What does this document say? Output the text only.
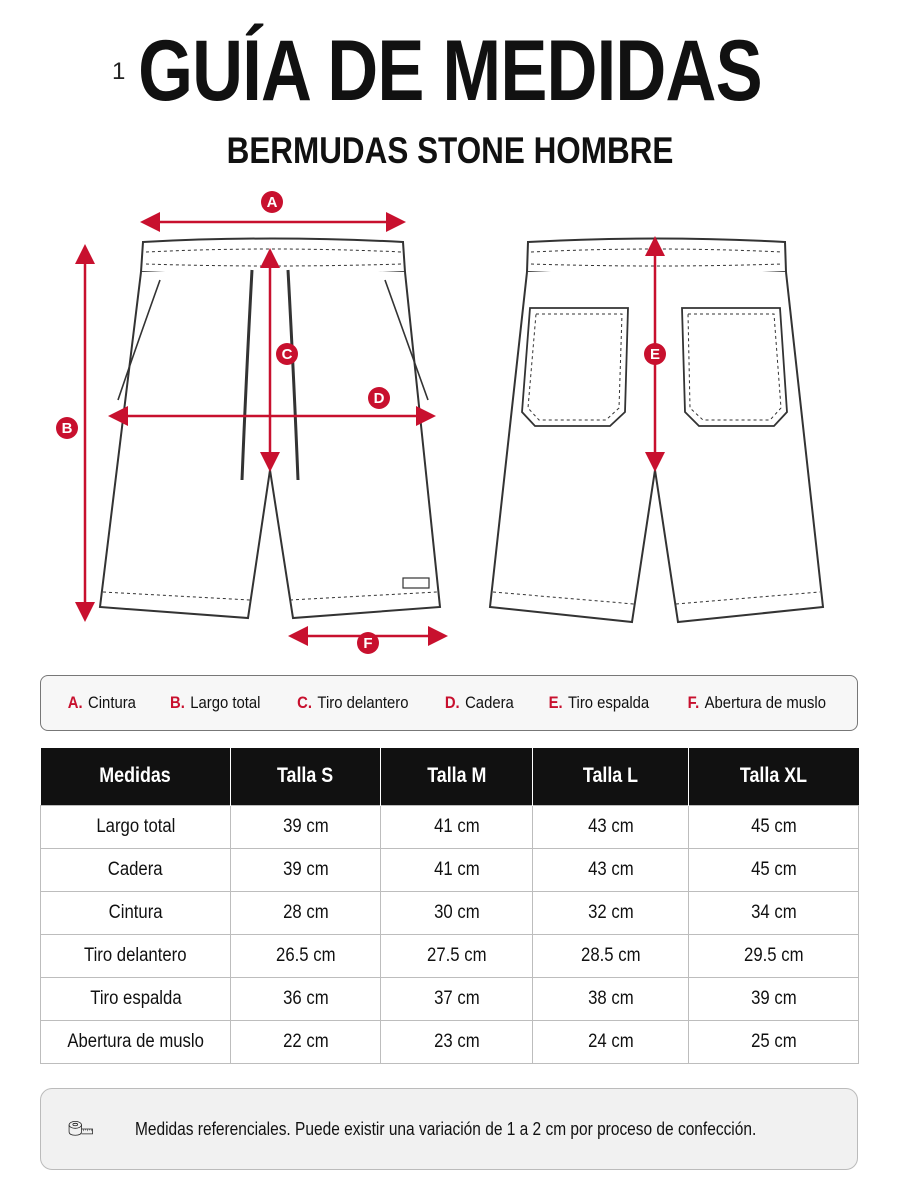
1 GUÍA DE MEDIDAS
BERMUDAS STONE HOMBRE
A
B
C
D
E
F
A. Cintura B. Largo total C. Tiro delantero D. Cadera E. Tiro espalda F. Abertura de muslo
Medidas	Talla S	Talla M	Talla L	Talla XL
Largo total	39 cm	41 cm	43 cm	45 cm
Cadera	39 cm	41 cm	43 cm	45 cm
Cintura	28 cm	30 cm	32 cm	34 cm
Tiro delantero	26.5 cm	27.5 cm	28.5 cm	29.5 cm
Tiro espalda	36 cm	37 cm	38 cm	39 cm
Abertura de muslo	22 cm	23 cm	24 cm	25 cm
Medidas referenciales. Puede existir una variación de 1 a 2 cm por proceso de confección.
